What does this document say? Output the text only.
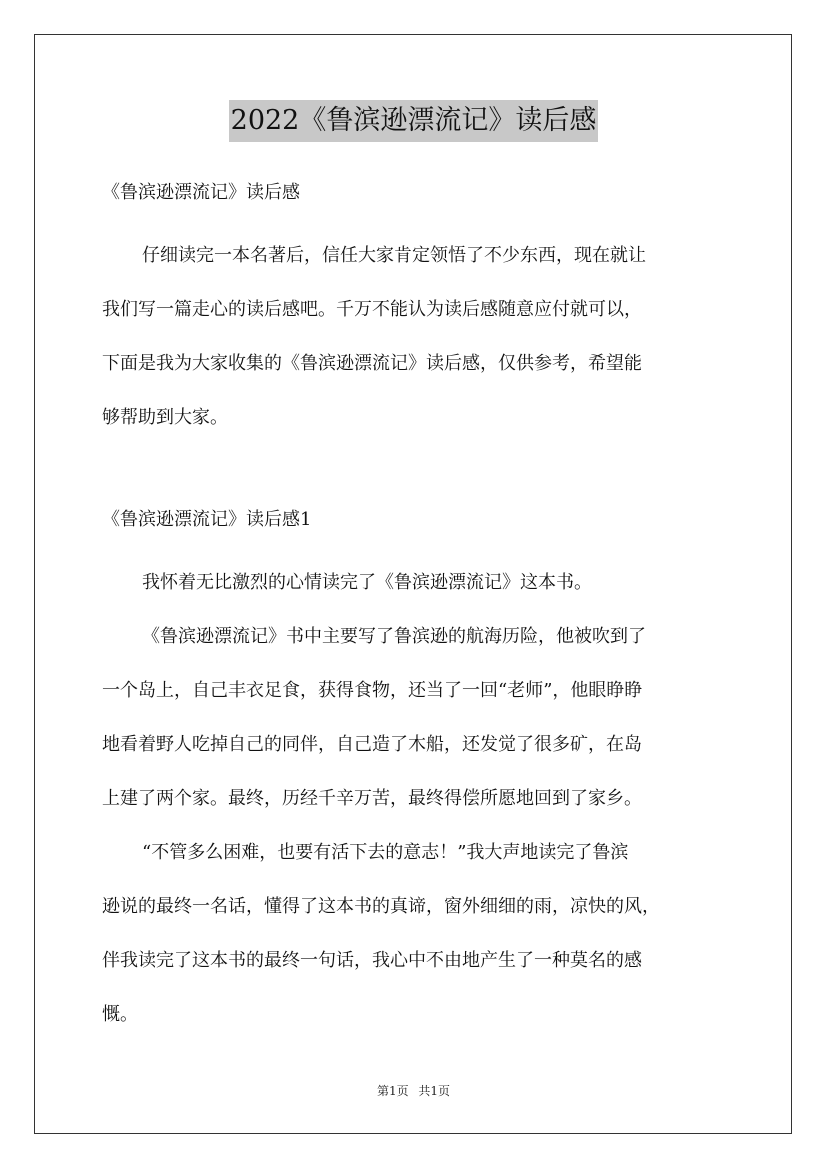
2022《鲁滨逊漂流记》读后感
《鲁滨逊漂流记》读后感
仔细读完一本名著后，信任大家肯定领悟了不少东西，现在就让
我们写一篇走心的读后感吧。千万不能认为读后感随意应付就可以，
下面是我为大家收集的《鲁滨逊漂流记》读后感，仅供参考，希望能
够帮助到大家。
《鲁滨逊漂流记》读后感1
我怀着无比激烈的心情读完了《鲁滨逊漂流记》这本书。
《鲁滨逊漂流记》书中主要写了鲁滨逊的航海历险，他被吹到了
一个岛上，自己丰衣足食，获得食物，还当了一回“老师”，他眼睁睁
地看着野人吃掉自己的同伴，自己造了木船，还发觉了很多矿，在岛
上建了两个家。最终，历经千辛万苦，最终得偿所愿地回到了家乡。
“不管多么困难，也要有活下去的意志！”我大声地读完了鲁滨
逊说的最终一名话，懂得了这本书的真谛，窗外细细的雨，凉快的风，
伴我读完了这本书的最终一句话，我心中不由地产生了一种莫名的感
慨。
第1页 共1页
